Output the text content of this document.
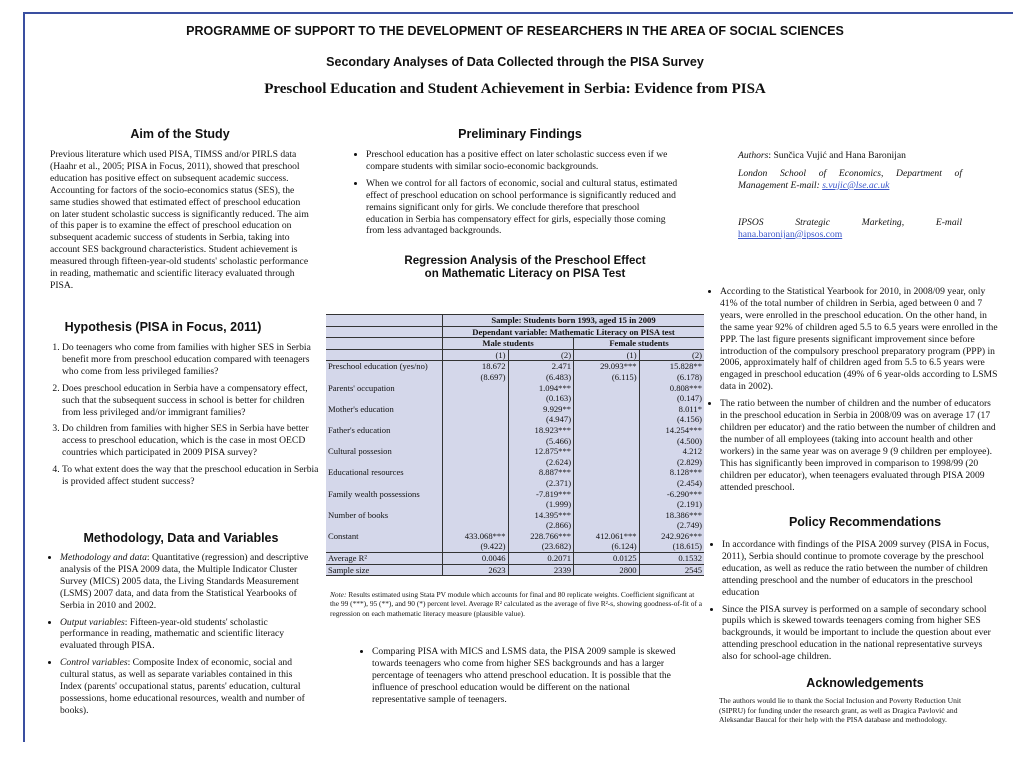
PROGRAMME OF SUPPORT TO THE DEVELOPMENT OF RESEARCHERS IN THE AREA OF SOCIAL SCIENCES
Secondary Analyses of Data Collected through the PISA Survey
Preschool Education and Student Achievement in Serbia: Evidence from PISA
Aim of the Study
Previous literature which used PISA, TIMSS and/or PIRLS data (Haahr et al., 2005; PISA in Focus, 2011), showed that preschool education has positive effect on subsequent academic success. Accounting for factors of the socio-economics status (SES), the same studies showed that estimated effect of preschool education on later student scholastic success is significantly reduced. The aim of this paper is to examine the effect of preschool education on subsequent academic success of students in Serbia, taking into account SES background characteristics. Student achievement is measured through fifteen-year-old students' scholastic performance in reading, mathematic and scientific literacy evaluated through PISA.
Hypothesis (PISA in Focus, 2011)
1. Do teenagers who come from families with higher SES in Serbia benefit more from preschool education compared with teenagers who come from less privileged families?
2. Does preschool education in Serbia have a compensatory effect, such that the subsequent success in school is better for children from less privileged and/or immigrant families?
3. Do children from families with higher SES in Serbia have better access to preschool education, which is the case in most OECD countries which participated in 2009 PISA survey?
4. To what extent does the way that the preschool education in Serbia is provided affect student success?
Methodology, Data and Variables
• Methodology and data: Quantitative (regression) and descriptive analysis of the PISA 2009 data, the Multiple Indicator Cluster Survey (MICS) 2005 data, the Living Standards Measurement (LSMS) 2007 data, and data from the Statistical Yearbooks of Serbia in 2010 and 2002.
• Output variables: Fifteen-year-old students' scholastic performance in reading, mathematic and scientific literacy evaluated through PISA.
• Control variables: Composite Index of economic, social and cultural status, as well as separate variables contained in this Index (parents' occupational status, parents' education, cultural possessions, home educational resources, wealth and number of books).
Preliminary Findings
• Preschool education has a positive effect on later scholastic success even if we compare students with similar socio-economic backgrounds.
• When we control for all factors of economic, social and cultural status, estimated effect of preschool education on school performance is significantly reduced and remains significant only for girls. We conclude therefore that preschool education in Serbia has compensatory effect for girls, especially those coming from less advantaged backgrounds.
Regression Analysis of the Preschool Effect
on Mathematic Literacy on PISA Test
	Sample: Students born 1993, aged 15 in 2009			
	Dependant variable: Mathematic Literacy on PISA test			
	Male students		Female students	
	(1)	(2)	(1)	(2)
Preschool education (yes/no)	18.672	2.471	29.093***	15.828**
	(8.697)	(6.483)	(6.115)	(6.178)
Parents' occupation		1.094***		0.808***
		(0.163)		(0.147)
Mother's education		9.929**		8.011*
		(4.947)		(4.156)
Father's education		18.923***		14.254***
		(5.466)		(4.500)
Cultural possesion		12.875***		4.212
		(2.624)		(2.829)
Educational resources		8.887***		8.128***
		(2.371)		(2.454)
Family wealth possessions		-7.819***		-6.290***
		(1.999)		(2.191)
Number of books		14.395***		18.386***
		(2.866)		(2.749)
Constant	433.068***	228.766***	412.061***	242.926***
	(9.422)	(23.682)	(6.124)	(18.615)
Average R²	0.0046	0.2071	0.0125	0.1532
Sample size	2623	2339	2800	2545
Note: Results estimated using Stata PV module which accounts for final and 80 replicate weights. Coefficient significant at the 99 (***), 95 (**), and 90 (*) percent level. Average R² calculated as the average of five R²-s, showing goodness-of-fit of a regression on each mathematic literacy measure (plausible value).
• Comparing PISA with MICS and LSMS data, the PISA 2009 sample is skewed towards teenagers who come from higher SES backgrounds and has a larger percentage of teenagers who attend preschool education. It is possible that the influence of preschool education would be different on the national representative sample of teenagers.
Authors: Sunčica Vujić and Hana Baronijan
London School of Economics, Department of Management E-mail: s.vujic@lse.ac.uk
IPSOS Strategic Marketing, E-mail
hana.baronijan@ipsos.com
• According to the Statistical Yearbook for 2010, in 2008/09 year, only 41% of the total number of children in Serbia, aged between 0 and 7 years, were enrolled in the preschool education. On the other hand, in the same year 92% of children aged 5.5 to 6.5 years were enrolled in the PPP. The last figure presents significant improvement since before introduction of the compulsory preschool preparatory program (PPP) in 2006, approximately half of children aged from 5.5 to 6.5 years were engaged in preschool education (49% of 6 year-olds according to LSMS data in 2002).
• The ratio between the number of children and the number of educators in the preschool education in Serbia in 2008/09 was on average 17 (17 children per educator) and the ratio between the number of children and the number of all employees (taking into account health and other workers) in the same year was on average 9 (9 children per employee). This has significantly been improved in comparison to 1998/99 (20 children per educator), when teenagers evaluated through PISA 2009 attended preschool.
Policy Recommendations
• In accordance with findings of the PISA 2009 survey (PISA in Focus, 2011), Serbia should continue to promote coverage by the preschool education, as well as reduce the ratio between the number of children attending preschool and the number of educators in the preschool education
• Since the PISA survey is performed on a sample of secondary school pupils which is skewed towards teenagers coming from higher SES backgrounds, it would be important to include the question about ever attending preschool education in the national representative surveys also for school-age children.
Acknowledgements
The authors would lie to thank the Social Inclusion and Poverty Reduction Unit (SIPRU) for funding under the research grant, as well as Dragica Pavlović and Aleksandar Baucal for their help with the PISA database and methodology.
